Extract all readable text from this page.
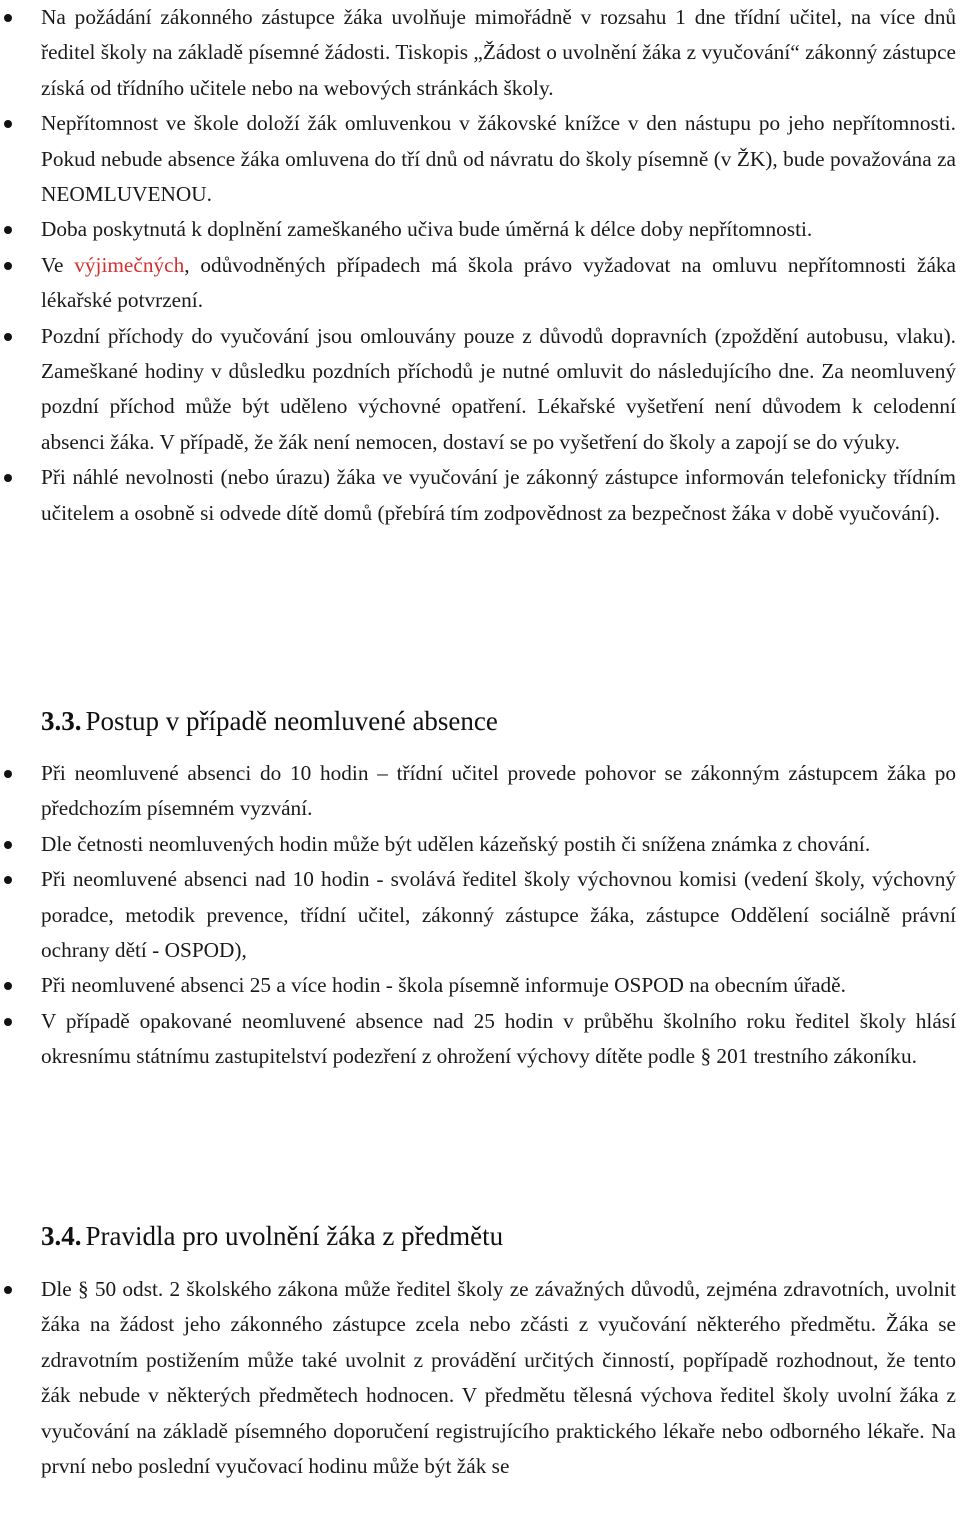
Na požádání zákonného zástupce žáka uvolňuje mimořádně v rozsahu 1 dne třídní učitel, na více dnů ředitel školy na základě písemné žádosti. Tiskopis „Žádost o uvolnění žáka z vyučování“ zákonný zástupce získá od třídního učitele nebo na webových stránkách školy.
Nepřítomnost ve škole doloží žák omluvenkou v žákovské knížce v den nástupu po jeho nepřítomnosti. Pokud nebude absence žáka omluvena do tří dnů od návratu do školy písemně (v ŽK), bude považována za NEOMLUVENOU.
Doba poskytnutá k doplnění zameškaného učiva bude úměrná k délce doby nepřítomnosti.
Ve výjimečných, odůvodněných případech má škola právo vyžadovat na omluvu nepřítomnosti žáka lékařské potvrzení.
Pozdní příchody do vyučování jsou omlouvány pouze z důvodů dopravních (zpoždění autobusu, vlaku). Zameškané hodiny v důsledku pozdních příchodů je nutné omluvit do následujícího dne. Za neomluvený pozdní příchod může být uděleno výchovné opatření. Lékařské vyšetření není důvodem k celodenní absenci žáka. V případě, že žák není nemocen, dostaví se po vyšetření do školy a zapojí se do výuky.
Při náhlé nevolnosti (nebo úrazu) žáka ve vyučování je zákonný zástupce informován telefonicky třídním učitelem a osobně si odvede dítě domů (přebírá tím zodpovědnost za bezpečnost žáka v době vyučování).
3.3. Postup v případě neomluvené absence
Při neomluvené absenci do 10 hodin – třídní učitel provede pohovor se zákonným zástupcem žáka po předchozím písemném vyzvání.
Dle četnosti neomluvených hodin může být udělen kázeňský postih či snížena známka z chování.
Při neomluvené absenci nad 10 hodin - svolává ředitel školy výchovnou komisi (vedení školy, výchovný poradce, metodik prevence, třídní učitel, zákonný zástupce žáka, zástupce Oddělení sociálně právní ochrany dětí - OSPOD),
Při neomluvené absenci 25 a více hodin - škola písemně informuje OSPOD na obecním úřadě.
V případě opakované neomluvené absence nad 25 hodin v průběhu školního roku ředitel školy hlásí okresnímu státnímu zastupitelství podezření z ohrožení výchovy dítěte podle § 201 trestního zákoníku.
3.4. Pravidla pro uvolnění žáka z předmětu
Dle § 50 odst. 2 školského zákona může ředitel školy ze závažných důvodů, zejména zdravotních, uvolnit žáka na žádost jeho zákonného zástupce zcela nebo zčásti z vyučování některého předmětu. Žáka se zdravotním postižením může také uvolnit z provádění určitých činností, popřípadě rozhodnout, že tento žák nebude v některých předmětech hodnocen. V předmětu tělesná výchova ředitel školy uvolní žáka z vyučování na základě písemného doporučení registrujícího praktického lékaře nebo odborného lékaře. Na první nebo poslední vyučovací hodinu může být žák se
